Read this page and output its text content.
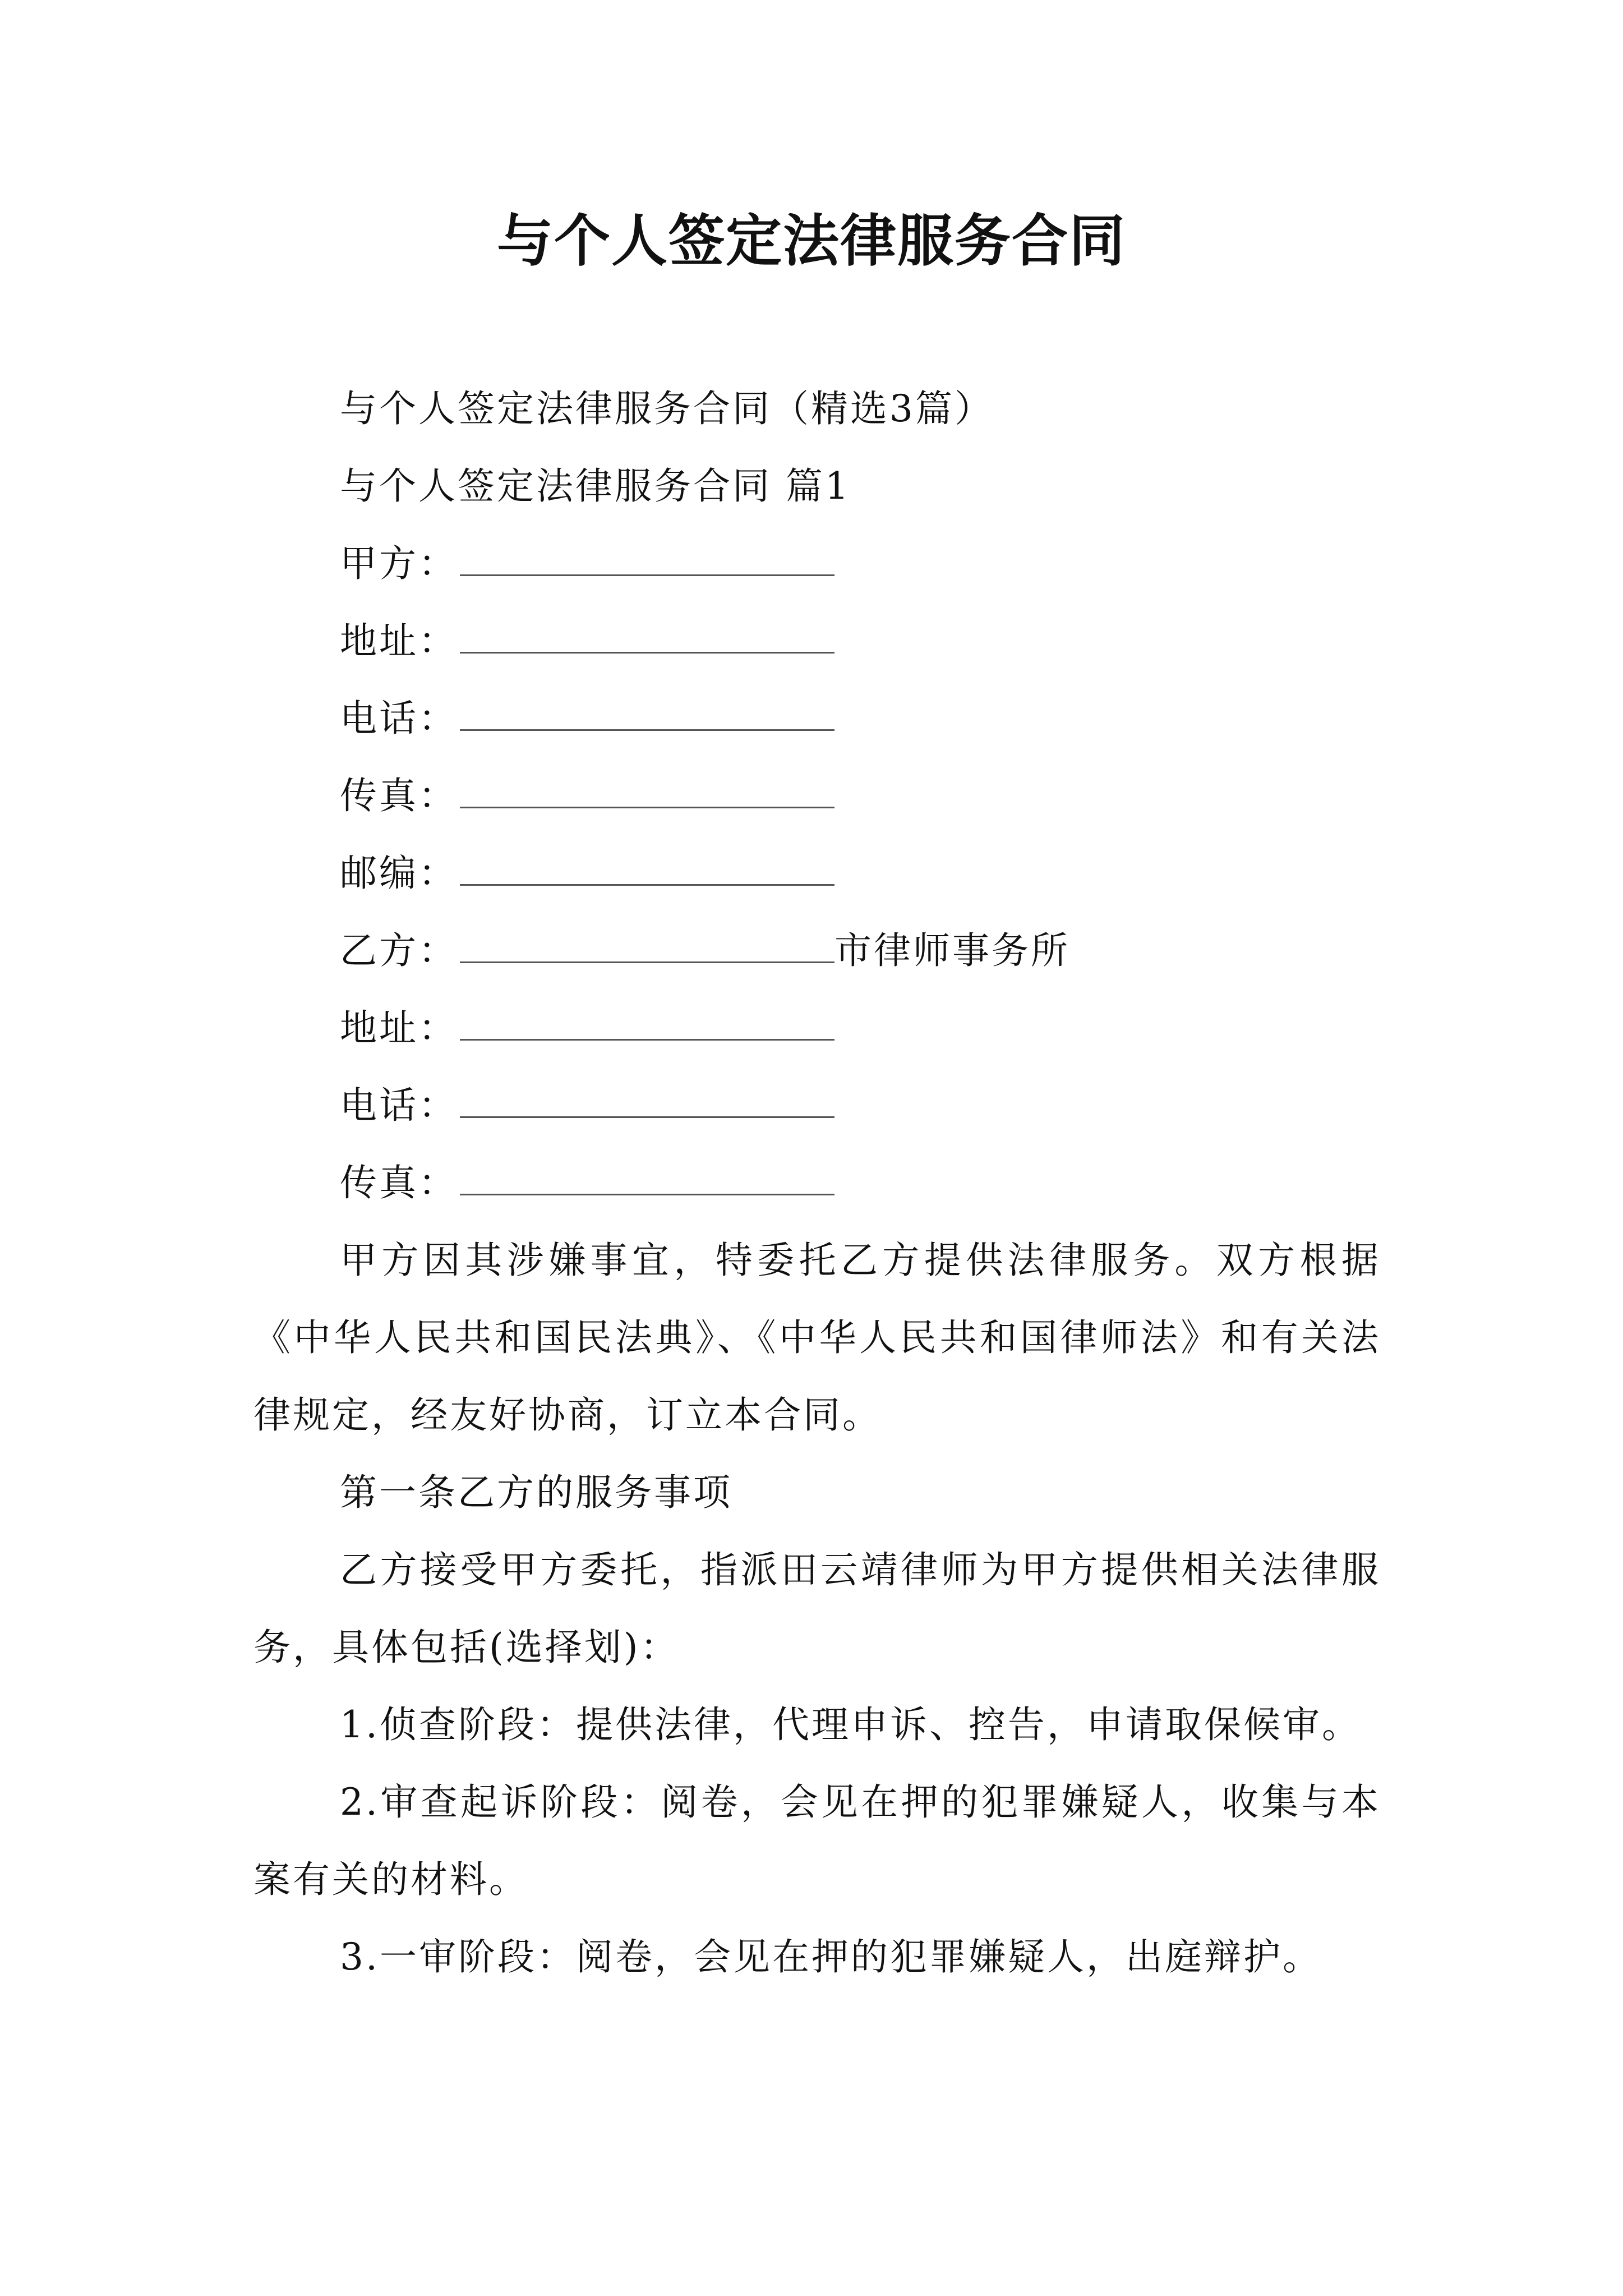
与个人签定法律服务合同
与个人签定法律服务合同（精选3篇）
与个人签定法律服务合同 篇1
甲方：
地址：
电话：
传真：
邮编：
乙方：	市律师事务所
地址：
电话：
传真：
甲方因其涉嫌事宜，特委托乙方提供法律服务。双方根据《中华人民共和国民法典》、《中华人民共和国律师法》和有关法律规定，经友好协商，订立本合同。
第一条乙方的服务事项
乙方接受甲方委托，指派田云靖律师为甲方提供相关法律服务，具体包括(选择划)：
1.侦查阶段：提供法律，代理申诉、控告，申请取保候审。
2.审查起诉阶段：阅卷，会见在押的犯罪嫌疑人，收集与本案有关的材料。
3.一审阶段：阅卷，会见在押的犯罪嫌疑人，出庭辩护。
